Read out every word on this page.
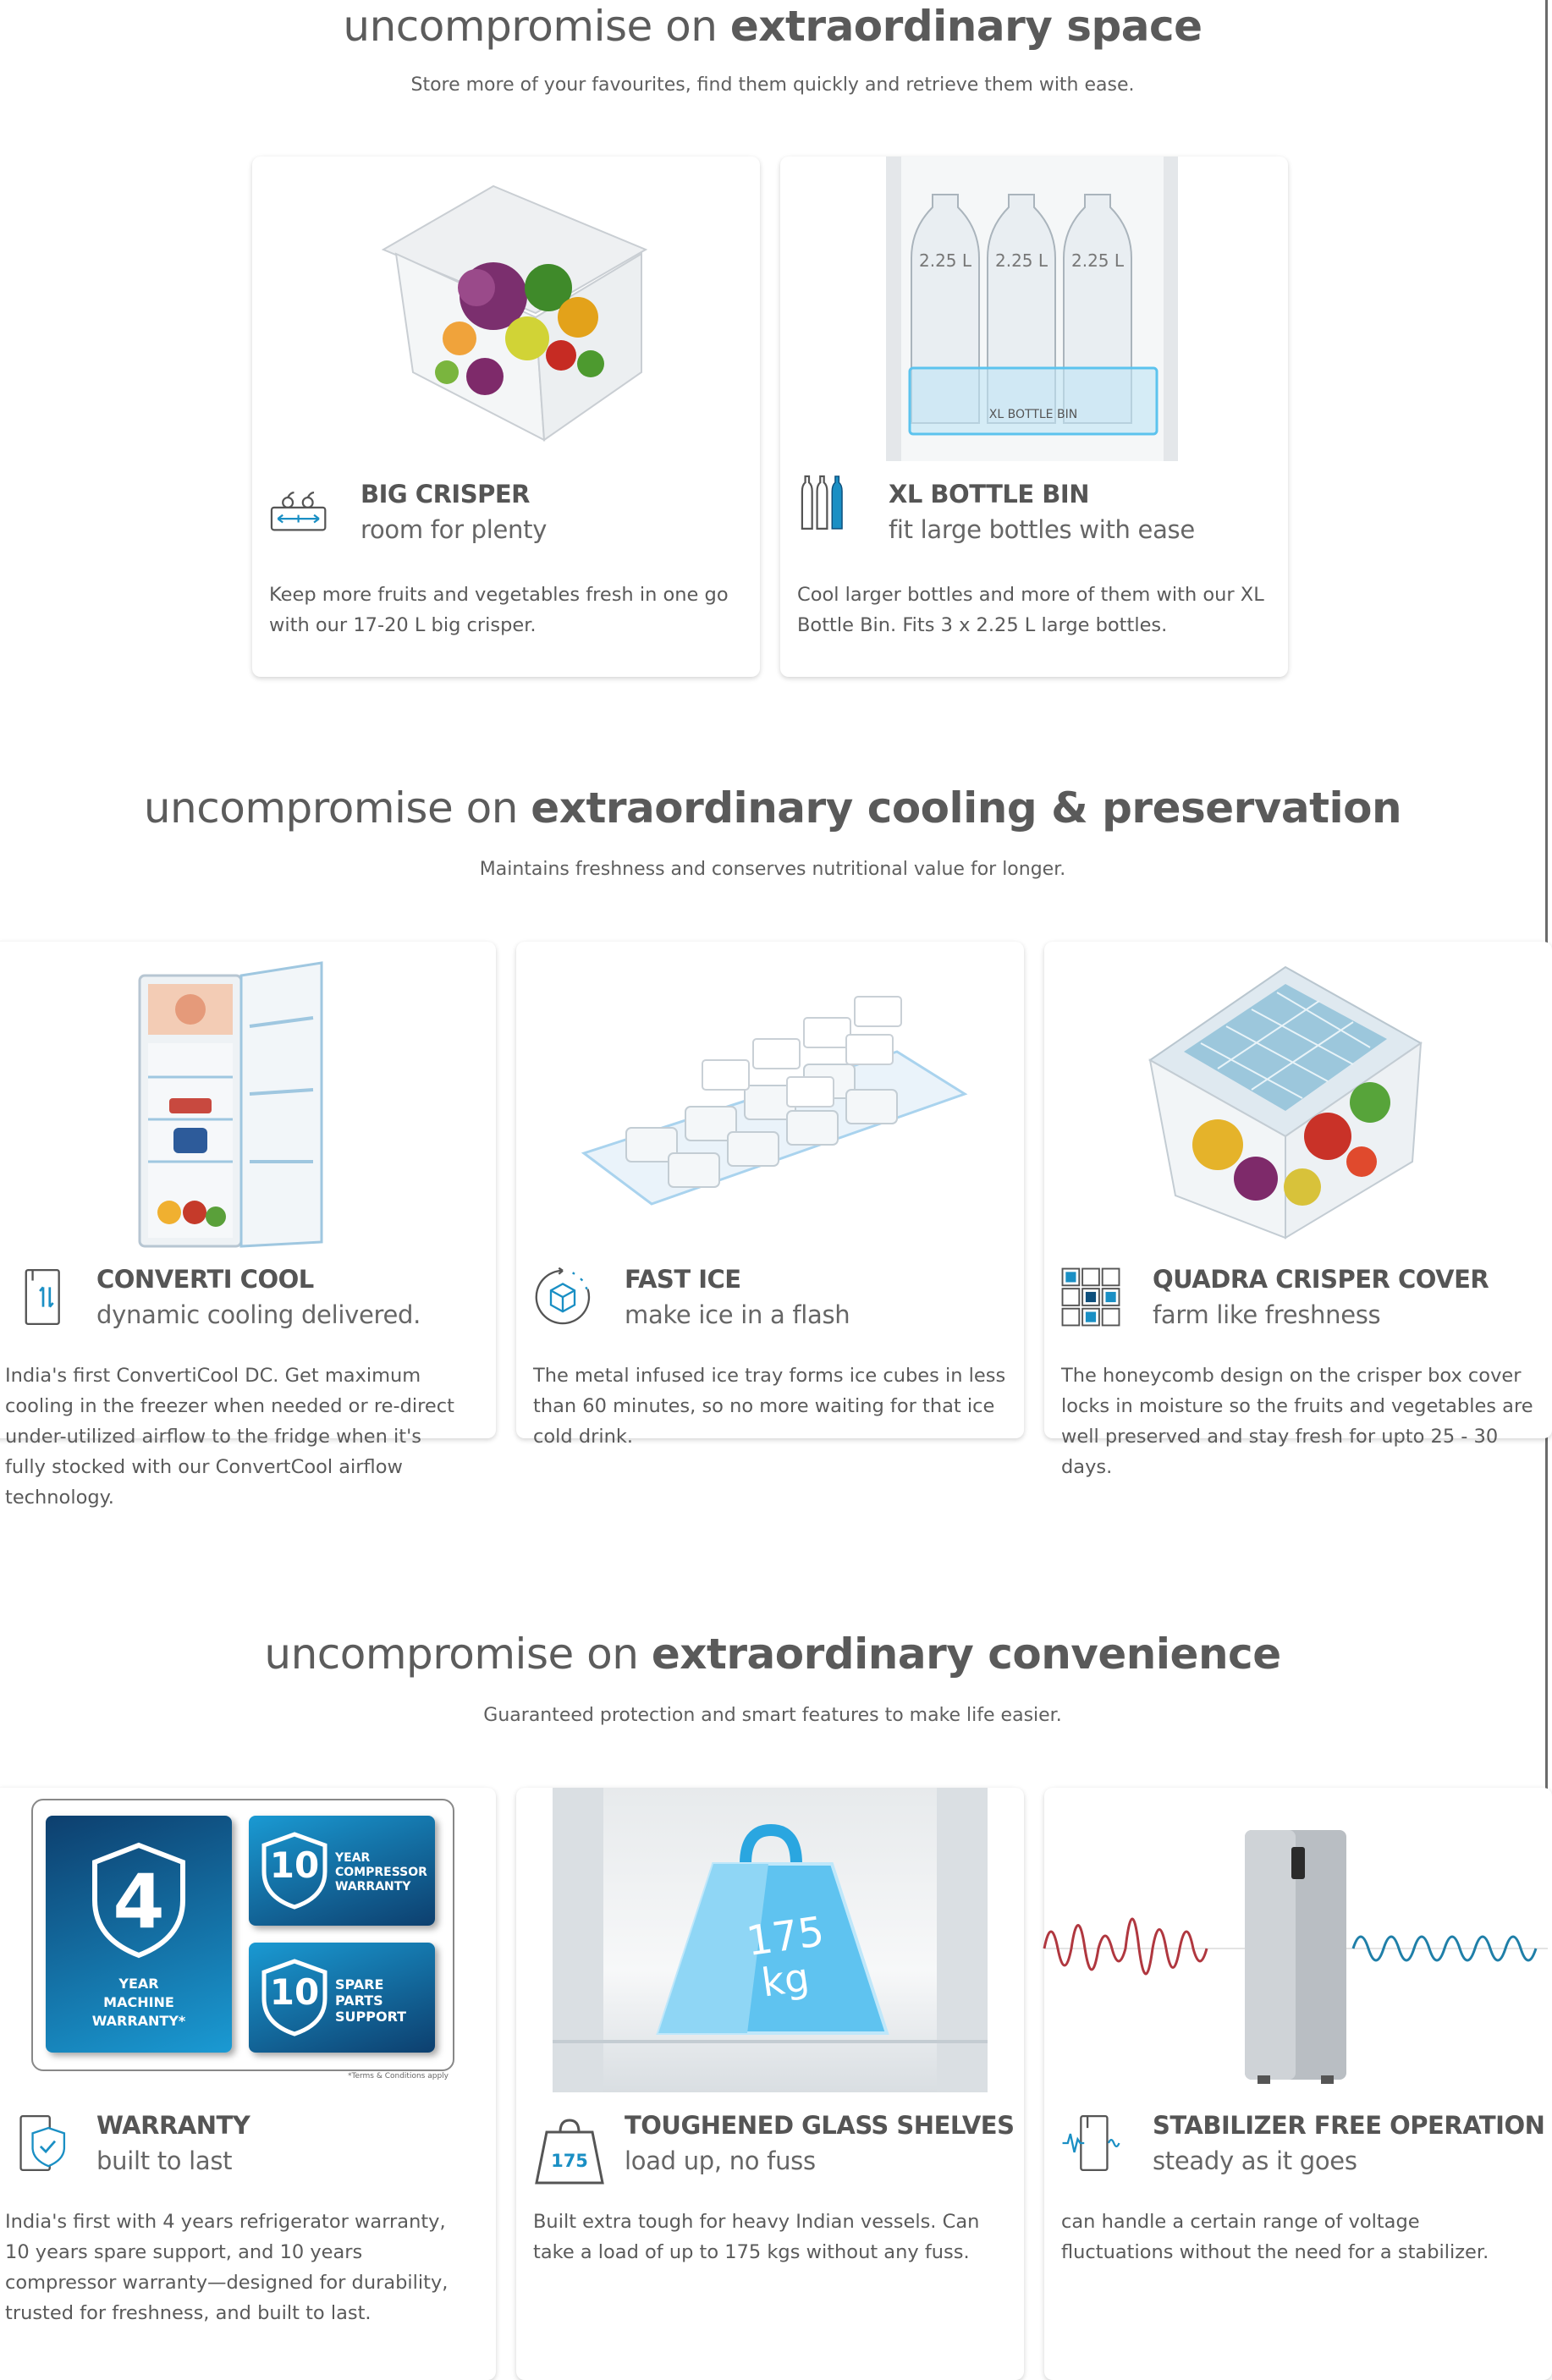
uncompromise on extraordinary space

Store more of your favourites, find them quickly and retrieve them with ease.

BIG CRISPER
room for plenty

Keep more fruits and vegetables fresh in one go with our 17-20 L big crisper.

2.25 L 2.25 L 2.25 L
XL BOTTLE BIN
XL BOTTLE BIN
fit large bottles with ease

Cool larger bottles and more of them with our XL Bottle Bin. Fits 3 x 2.25 L large bottles.

uncompromise on extraordinary cooling & preservation

Maintains freshness and conserves nutritional value for longer.

CONVERTI COOL
dynamic cooling delivered.

India's first ConvertiCool DC. Get maximum cooling in the freezer when needed or re-direct under-utilized airflow to the fridge when it's fully stocked with our ConvertCool airflow technology.

FAST ICE
make ice in a flash

The metal infused ice tray forms ice cubes in less than 60 minutes, so no more waiting for that ice cold drink.

QUADRA CRISPER COVER
farm like freshness

The honeycomb design on the crisper box cover locks in moisture so the fruits and vegetables are well preserved and stay fresh for upto 25 - 30 days.

uncompromise on extraordinary convenience

Guaranteed protection and smart features to make life easier.

4
YEAR
MACHINE
WARRANTY*
10	YEAR
COMPRESSOR
WARRANTY
10	SPARE
PARTS
SUPPORT
*Terms & Conditions apply
WARRANTY
built to last

India's first with 4 years refrigerator warranty, 10 years spare support, and 10 years compressor warranty—designed for durability, trusted for freshness, and built to last.

175
kg
175
TOUGHENED GLASS SHELVES
load up, no fuss

Built extra tough for heavy Indian vessels. Can take a load of up to 175 kgs without any fuss.

STABILIZER FREE OPERATION
steady as it goes

can handle a certain range of voltage fluctuations without the need for a stabilizer.
